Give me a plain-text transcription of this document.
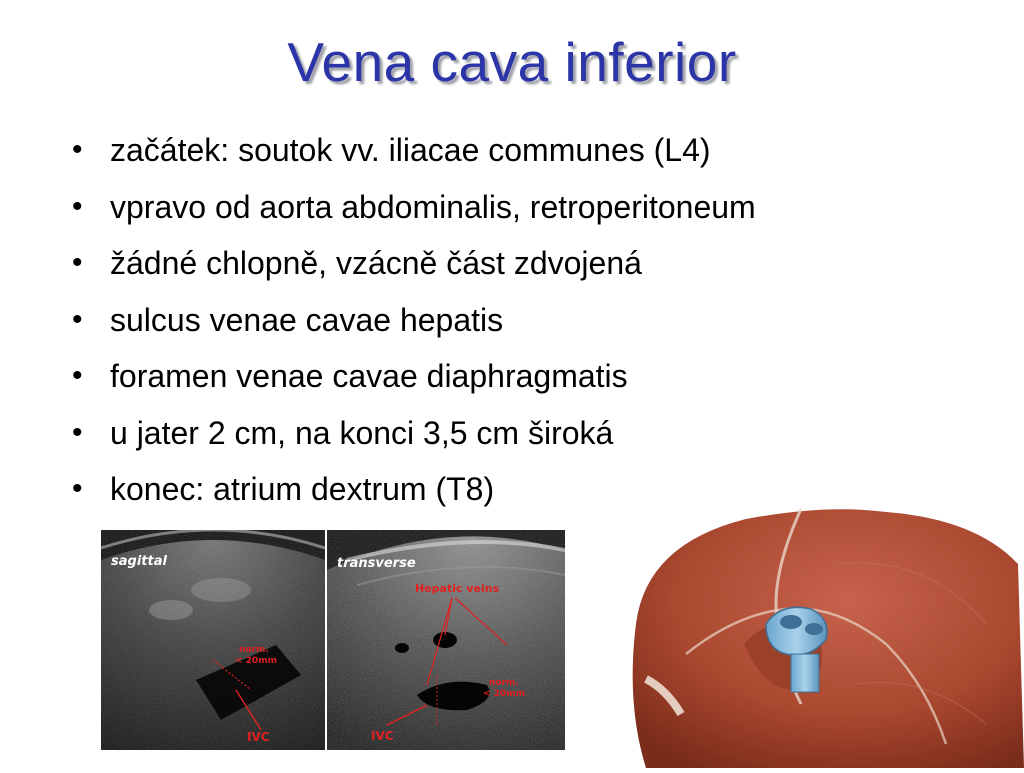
Vena cava inferior
• začátek: soutok vv. iliacae communes (L4)
• vpravo od aorta abdominalis, retroperitoneum
• žádné chlopně, vzácně část zdvojená
• sulcus venae cavae hepatis
• foramen venae cavae diaphragmatis
• u jater 2 cm, na konci 3,5 cm široká
• konec: atrium dextrum (T8)
sagittal
norm.
< 20mm
IVC
transverse
Hepatic veins
norm.
< 20mm
IVC
